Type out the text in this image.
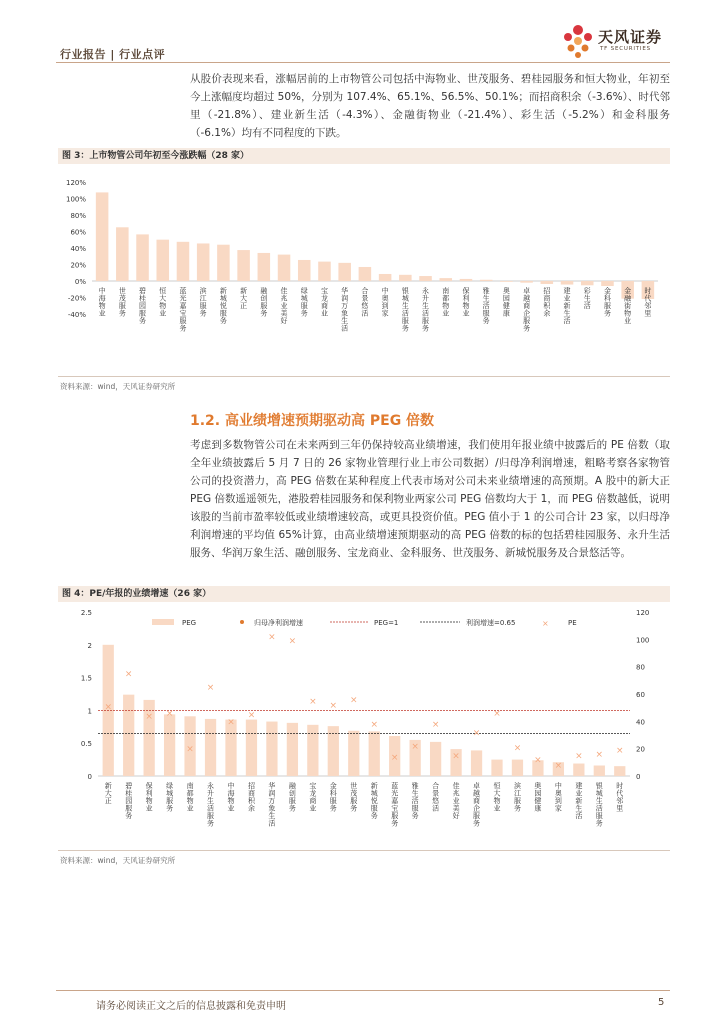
行业报告 | 行业点评
天风证券
TF SECURITIES

从股价表现来看，涨幅居前的上市物管公司包括中海物业、世茂服务、碧桂园服务和恒大物业，年初至今上涨幅度均超过 50%，分别为 107.4%、65.1%、56.5%、50.1%；而招商积余（-3.6%）、时代邻里（-21.8%）、建业新生活（-4.3%）、金融街物业（-21.4%）、彩生活（-5.2%）和金科服务（-6.1%）均有不同程度的下跌。

图 3：上市物管公司年初至今涨跌幅（28 家）
120%
100%
80%
60%
40%
20%
0%
-20%
-40%
中海物业
世茂服务
碧桂园服务
恒大物业
蓝光嘉宝服务
滨江服务
新城悦服务
新大正
融创服务
佳兆业美好
绿城服务
宝龙商业
华润万象生活
合景悠活
中奥到家
银城生活服务
永升生活服务
南都物业
保利物业
雅生活服务
奥园健康
卓越商企服务
招商积余
建业新生活
彩生活
金科服务
金融街物业
时代邻里
资料来源：wind，天风证券研究所
1.2. 高业绩增速预期驱动高 PEG 倍数

考虑到多数物管公司在未来两到三年仍保持较高业绩增速，我们使用年报业绩中披露后的 PE 倍数（取全年业绩披露后 5 月 7 日的 26 家物业管理行业上市公司数据）/归母净利润增速，粗略考察各家物管公司的投资潜力，高 PEG 倍数在某种程度上代表市场对公司未来业绩增速的高预期。A 股中的新大正 PEG 倍数遥遥领先，港股碧桂园服务和保利物业两家公司 PEG 倍数均大于 1，而 PEG 倍数越低，说明该股的当前市盈率较低或业绩增速较高，或更具投资价值。PEG 值小于 1 的公司合计 23 家，以归母净利润增速的平均值 65%计算，由高业绩增速预期驱动的高 PEG 倍数的标的包括碧桂园服务、永升生活服务、华润万象生活、融创服务、宝龙商业、金科服务、世茂服务、新城悦服务及合景悠活等。

图 4：PE/年报的业绩增速（26 家）
2.5
2
1.5
1
0.5
0
120
100
80
60
40
20
0
PEG	归母净利润增速	PEG=1	利润增速=0.65	×	PE
×
×
× ×
×
×
×
×
× ×
× ×
×
×
×
×
×
×
×
×
×
×
×
× × ×
新大正
碧桂园服务
保利物业
绿城服务
南都物业
永升生活服务
中海物业
招商积余
华润万象生活
融创服务
宝龙商业
金科服务
世茂服务
新城悦服务
蓝光嘉宝服务
雅生活服务
合景悠活
佳兆业美好
卓越商企服务
恒大物业
滨江服务
奥园健康
中奥到家
建业新生活
银城生活服务
时代邻里
资料来源：wind，天风证券研究所
请务必阅读正文之后的信息披露和免责申明	5
